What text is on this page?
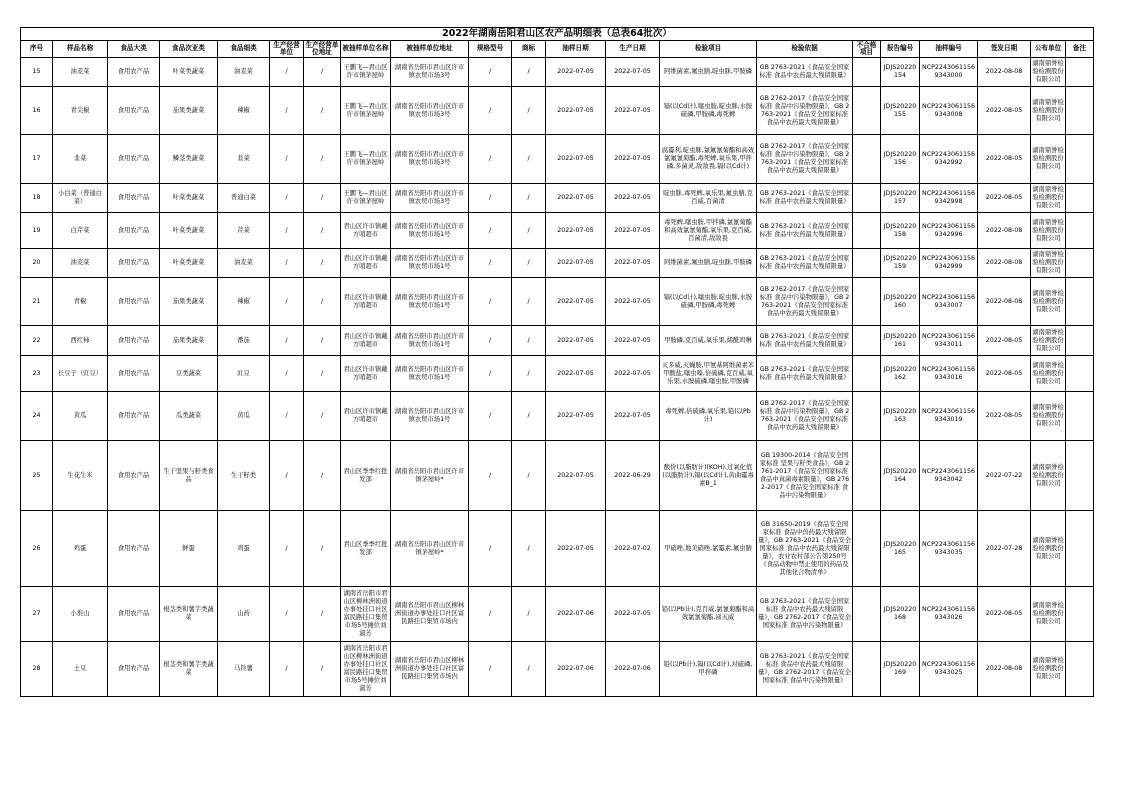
2022年湖南岳阳君山区农产品明细表（总表64批次）																				
序号	样品名称	食品大类	食品次亚类	食品细类	生产经营单位	生产经营单位地址	被抽样单位名称	被抽样单位地址	规格型号	商标	抽样日期	生产日期	检验项目	检验依据	不合格项目	报告编号	抽样编号	签发日期	公布单位	备注
15	油麦菜	食用农产品	叶菜类蔬菜	油麦菜	/	/	王鹏飞—君山区许市镇茅屋岭	湖南省岳阳市君山区许市镇农贸市场3号	/	/	2022-07-05	2022-07-05	阿维菌素,氟虫腈,啶虫脒,甲胺磷	GB 2763-2021《食品安全国家标准 食品中农药最大残留限量》		JDJS20220154	NCP22430611569343000	2022-08-08	湖南鼎誉检验检测股份有限公司	
16	青尖椒	食用农产品	茄果类蔬菜	辣椒	/	/	王鹏飞—君山区许市镇茅屋岭	湖南省岳阳市君山区许市镇农贸市场3号	/	/	2022-07-05	2022-07-05	镉(以Cd计),噻虫胺,啶虫脒,水胺硫磷,甲胺磷,毒死蜱	GB 2762-2017《食品安全国家标准 食品中污染物限量》，GB 2763-2021《食品安全国家标准 食品中农药最大残留限量》		JDJS20220155	NCP22430611569343008	2022-08-05	湖南鼎誉检验检测股份有限公司	
17	韭菜	食用农产品	鳞茎类蔬菜	韭菜	/	/	王鹏飞—君山区许市镇茅屋岭	湖南省岳阳市君山区许市镇农贸市场3号	/	/	2022-07-05	2022-07-05	腐霉利,啶虫脒,氯氟氰菊酯和高效氯氟氰菊酯,毒死蜱,氧乐果,甲拌磷,多菌灵,敌敌畏,镉(以Cd计)	GB 2762-2017《食品安全国家标准 食品中污染物限量》，GB 2763-2021《食品安全国家标准 食品中农药最大残留限量》		JDJS20220156	NCP22430611569342992	2022-08-05	湖南鼎誉检验检测股份有限公司	
18	小白菜（普通白菜）	食用农产品	叶菜类蔬菜	普通白菜	/	/	王鹏飞—君山区许市镇茅屋岭	湖南省岳阳市君山区许市镇农贸市场3号	/	/	2022-07-05	2022-07-05	啶虫脒,毒死蜱,氧乐果,氟虫腈,克百威,百菌清	GB 2763-2021《食品安全国家标准 食品中农药最大残留限量》		JDJS20220157	NCP22430611569342998	2022-08-05	湖南鼎誉检验检测股份有限公司	
19	白芹菜	食用农产品	叶菜类蔬菜	芹菜	/	/	君山区许市镇戴方哨超市	湖南省岳阳市君山区许市镇农贸市场1号	/	/	2022-07-05	2022-07-05	毒死蜱,噻虫胺,甲拌磷,氯氰菊酯和高效氯氰菊酯,氧乐果,克百威,百菌清,敌敌畏	GB 2763-2021《食品安全国家标准 食品中农药最大残留限量》		JDJS20220158	NCP22430611569342996	2022-08-08	湖南鼎誉检验检测股份有限公司	
20	油麦菜	食用农产品	叶菜类蔬菜	油麦菜	/	/	君山区许市镇戴方哨超市	湖南省岳阳市君山区许市镇农贸市场1号	/	/	2022-07-05	2022-07-05	阿维菌素,氟虫腈,啶虫脒,甲胺磷	GB 2763-2021《食品安全国家标准 食品中农药最大残留限量》		JDJS20220159	NCP22430611569342999	2022-08-08	湖南鼎誉检验检测股份有限公司	
21	青椒	食用农产品	茄果类蔬菜	辣椒	/	/	君山区许市镇戴方哨超市	湖南省岳阳市君山区许市镇农贸市场1号	/	/	2022-07-05	2022-07-05	镉(以Cd计),噻虫胺,啶虫脒,水胺硫磷,甲胺磷,毒死蜱	GB 2762-2017《食品安全国家标准 食品中污染物限量》，GB 2763-2021《食品安全国家标准 食品中农药最大残留限量》		JDJS20220160	NCP22430611569343007	2022-08-08	湖南鼎誉检验检测股份有限公司	
22	西红柿	食用农产品	茄果类蔬菜	番茄	/	/	君山区许市镇戴方哨超市	湖南省岳阳市君山区许市镇农贸市场1号	/	/	2022-07-05	2022-07-05	甲胺磷,克百威,氧乐果,烯酰吗啉	GB 2763-2021《食品安全国家标准 食品中农药最大残留限量》		JDJS20220161	NCP22430611569343011	2022-08-05	湖南鼎誉检验检测股份有限公司	
23	长豆子（豇豆）	食用农产品	豆类蔬菜	豇豆	/	/	君山区许市镇戴方哨超市	湖南省岳阳市君山区许市镇农贸市场1号	/	/	2022-07-05	2022-07-05	灭多威,灭蝇胺,甲氨基阿维菌素苯甲酸盐,噻虫嗪,倍硫磷,克百威,氧乐果,水胺硫磷,噻虫胺,甲胺磷	GB 2763-2021《食品安全国家标准 食品中农药最大残留限量》		JDJS20220162	NCP22430611569343016	2022-08-05	湖南鼎誉检验检测股份有限公司	
24	黄瓜	食用农产品	瓜类蔬菜	黄瓜	/	/	君山区许市镇戴方哨超市	湖南省岳阳市君山区许市镇农贸市场1号	/	/	2022-07-05	2022-07-05	毒死蜱,倍硫磷,氧乐果,铅(以Pb计)	GB 2762-2017《食品安全国家标准 食品中污染物限量》，GB 2763-2021《食品安全国家标准 食品中农药最大残留限量》		JDJS20220163	NCP22430611569343019	2022-08-05	湖南鼎誉检验检测股份有限公司	
25	生花生米	食用农产品	生干坚果与籽类食品	生干籽类	/	/	君山区季季红批发部	湖南省岳阳市君山区许市镇茅屋岭*	/	/	2022-07-05	2022-06-29	酸价(以脂肪计)(KOH),过氧化值(以脂肪计),镉(以Cd计),黄曲霉毒素B_1	GB 19300-2014《食品安全国家标准 坚果与籽类食品》，GB 2761-2017《食品安全国家标准 食品中真菌毒素限量》，GB 2762-2017《食品安全国家标准 食品中污染物限量》		JDJS20220164	NCP22430611569343042	2022-07-22	湖南鼎誉检验检测股份有限公司	
26	鸡蛋	食用农产品	鲜蛋	鸡蛋	/	/	君山区季季红批发部	湖南省岳阳市君山区许市镇茅屋岭*	/	/	2022-07-05	2022-07-02	甲硝唑,地美硝唑,氯霉素,氟虫腈	GB 31650-2019《食品安全国家标准 食品中兽药最大残留限量》，GB 2763-2021《食品安全国家标准 食品中农药最大残留限量》，农业农村部公告第250号《食品动物中禁止使用的药品及其他化合物清单》		JDJS20220165	NCP22430611569343035	2022-07-28	湖南鼎誉检验检测股份有限公司	
27	小淮山	食用农产品	根茎类和薯芋类蔬菜	山药	/	/	湖南省岳阳市君山区柳林洲街道办事处挂口社区富民路挂口集贸市场5号摊位刘淑芳	湖南省岳阳市君山区柳林洲街道办事处挂口社区富民路挂口集贸市场内	/	/	2022-07-06	2022-07-05	铅(以Pb计),克百威,氯氰菊酯和高效氯氰菊酯,涕灭威	GB 2763-2021《食品安全国家标准 食品中农药最大残留限量》，GB 2762-2017《食品安全国家标准 食品中污染物限量》		JDJS20220168	NCP22430611569343026	2022-08-05	湖南鼎誉检验检测股份有限公司	
28	土豆	食用农产品	根茎类和薯芋类蔬菜	马铃薯	/	/	湖南省岳阳市君山区柳林洲街道办事处挂口社区富民路挂口集贸市场5号摊位刘淑芳	湖南省岳阳市君山区柳林洲街道办事处挂口社区富民路挂口集贸市场内	/	/	2022-07-06	2022-07-06	铅(以Pb计),镉(以Cd计),对硫磷,甲拌磷	GB 2763-2021《食品安全国家标准 食品中农药最大残留限量》，GB 2762-2017《食品安全国家标准 食品中污染物限量》		JDJS20220169	NCP22430611569343025	2022-08-08	湖南鼎誉检验检测股份有限公司	
